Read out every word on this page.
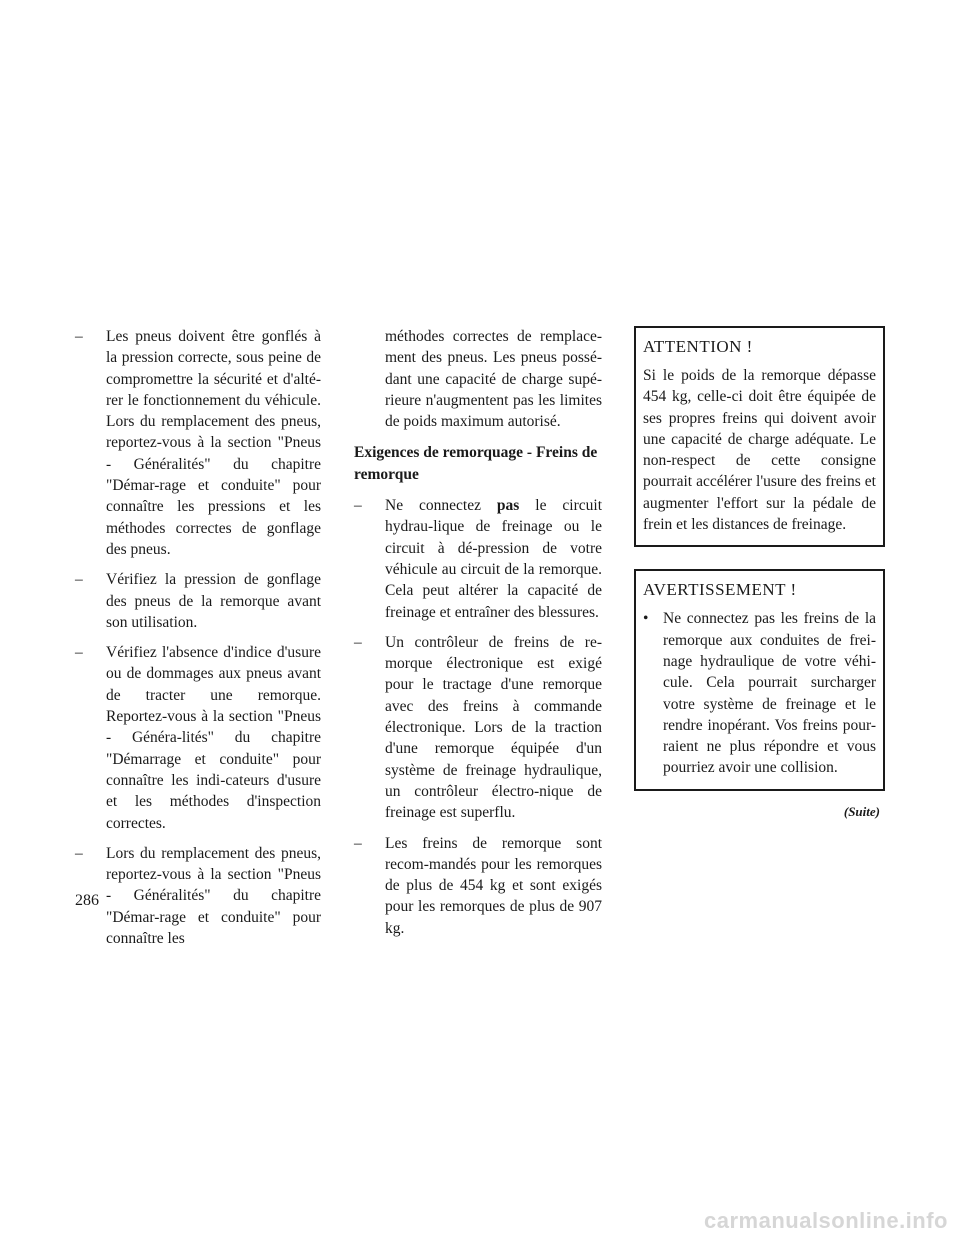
– Les pneus doivent être gonflés à la pression correcte, sous peine de compromettre la sécurité et d'alté-rer le fonctionnement du véhicule. Lors du remplacement des pneus, reportez-vous à la section "Pneus - Généralités" du chapitre "Démar-rage et conduite" pour connaître les pressions et les méthodes correctes de gonflage des pneus.
– Vérifiez la pression de gonflage des pneus de la remorque avant son utilisation.
– Vérifiez l'absence d'indice d'usure ou de dommages aux pneus avant de tracter une remorque. Reportez-vous à la section "Pneus - Généra-lités" du chapitre "Démarrage et conduite" pour connaître les indi-cateurs d'usure et les méthodes d'inspection correctes.
– Lors du remplacement des pneus, reportez-vous à la section "Pneus - Généralités" du chapitre "Démar-rage et conduite" pour connaître les
méthodes correctes de remplace-ment des pneus. Les pneus possé-dant une capacité de charge supé-rieure n'augmentent pas les limites de poids maximum autorisé.
Exigences de remorquage - Freins de remorque
– Ne connectez pas le circuit hydrau-lique de freinage ou le circuit à dé-pression de votre véhicule au circuit de la remorque. Cela peut altérer la capacité de freinage et entraîner des blessures.
– Un contrôleur de freins de re-morque électronique est exigé pour le tractage d'une remorque avec des freins à commande électronique. Lors de la traction d'une remorque équipée d'un système de freinage hydraulique, un contrôleur électro-nique de freinage est superflu.
– Les freins de remorque sont recom-mandés pour les remorques de plus de 454 kg et sont exigés pour les remorques de plus de 907 kg.
ATTENTION !

Si le poids de la remorque dépasse 454 kg, celle-ci doit être équipée de ses propres freins qui doivent avoir une capacité de charge adéquate. Le non-respect de cette consigne pourrait accélérer l'usure des freins et augmenter l'effort sur la pédale de frein et les distances de freinage.

AVERTISSEMENT !

• Ne connectez pas les freins de la remorque aux conduites de frei-nage hydraulique de votre véhi-cule. Cela pourrait surcharger votre système de freinage et le rendre inopérant. Vos freins pour-raient ne plus répondre et vous pourriez avoir une collision.

(Suite)
286
carmanualsonline.info
